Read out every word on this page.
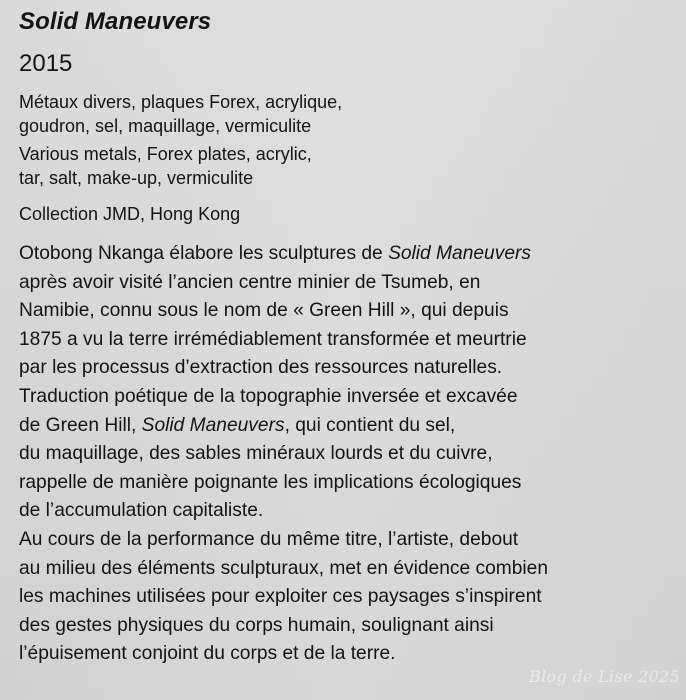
Solid Maneuvers
2015
Métaux divers, plaques Forex, acrylique,
goudron, sel, maquillage, vermiculite
Various metals, Forex plates, acrylic,
tar, salt, make-up, vermiculite
Collection JMD, Hong Kong
Otobong Nkanga élabore les sculptures de Solid Maneuvers
après avoir visité l’ancien centre minier de Tsumeb, en
Namibie, connu sous le nom de « Green Hill », qui depuis
1875 a vu la terre irrémédiablement transformée et meurtrie
par les processus d’extraction des ressources naturelles.
Traduction poétique de la topographie inversée et excavée
de Green Hill, Solid Maneuvers, qui contient du sel,
du maquillage, des sables minéraux lourds et du cuivre,
rappelle de manière poignante les implications écologiques
de l’accumulation capitaliste.
Au cours de la performance du même titre, l’artiste, debout
au milieu des éléments sculpturaux, met en évidence combien
les machines utilisées pour exploiter ces paysages s’inspirent
des gestes physiques du corps humain, soulignant ainsi
l’épuisement conjoint du corps et de la terre.
Blog de Lise 2025
